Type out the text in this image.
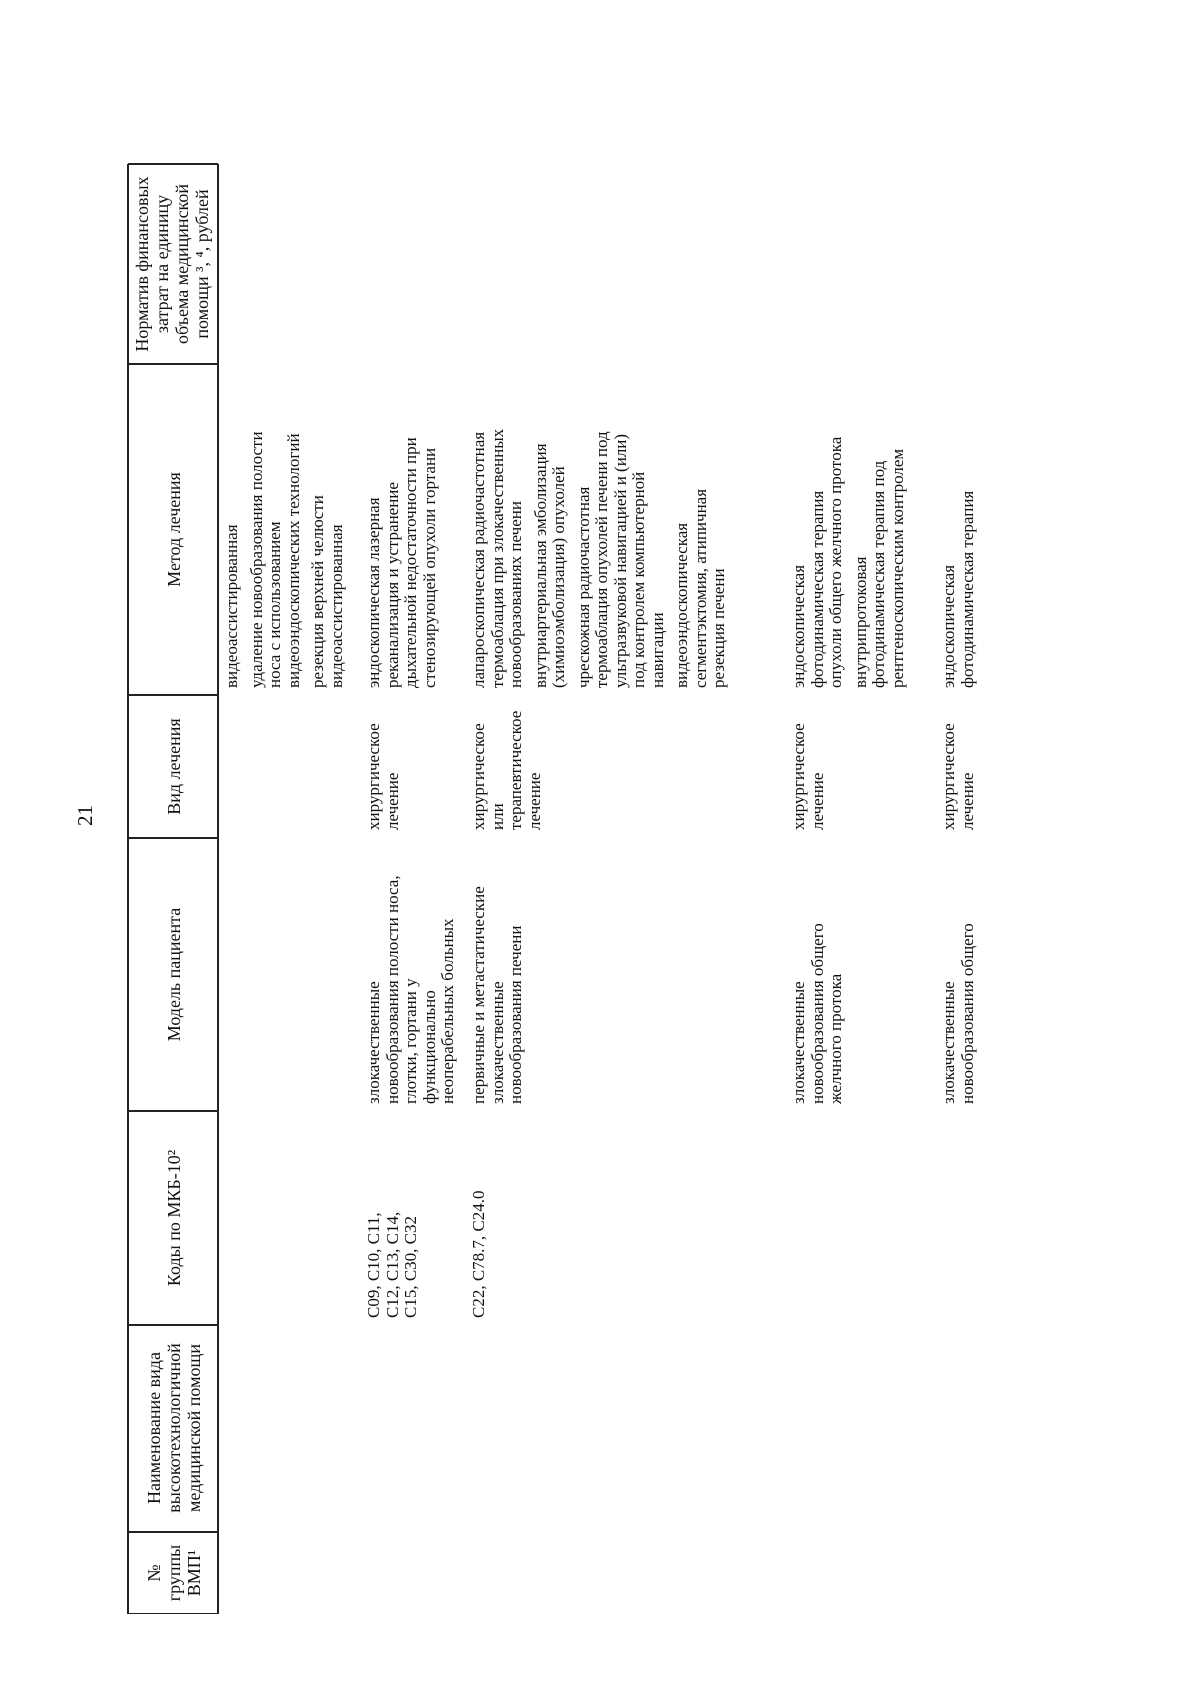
21
№ группы ВМП¹
Наименование вида высокотехнологичной медицинской помощи
Коды по МКБ-10²
Модель пациента
Вид лечения
Метод лечения
Норматив финансовых затрат на единицу объема медицинской помощи ³, ⁴, рублей
видеоассистированная удаление новообразования полости носа с использованием видеоэндоскопических технологий резекция верхней челюсти видеоассистированная
C09, C10, C11, C12, C13, C14, C15, C30, C32
злокачественные новообразования полости носа, глотки, гортани у функционально неоперабельных больных
хирургическое лечение
эндоскопическая лазерная реканализация и устранение дыхательной недостаточности при стенозирующей опухоли гортани
C22, C78.7, C24.0
первичные и метастатические злокачественные новообразования печени
хирургическое или терапевтическое лечение
лапароскопическая радиочастотная термоаблация при злокачественных новообразованиях печени внутриартериальная эмболизация (химиоэмболизация) опухолей чрескожная радиочастотная термоаблация опухолей печени под ультразвуковой навигацией и (или) под контролем компьютерной навигации видеоэндоскопическая сегментэктомия, атипичная резекция печени
злокачественные новообразования общего желчного протока
хирургическое лечение
эндоскопическая фотодинамическая терапия опухоли общего желчного протока внутрипротоковая фотодинамическая терапия под рентгеноскопическим контролем
злокачественные новообразования общего
хирургическое лечение
эндоскопическая фотодинамическая терапия
